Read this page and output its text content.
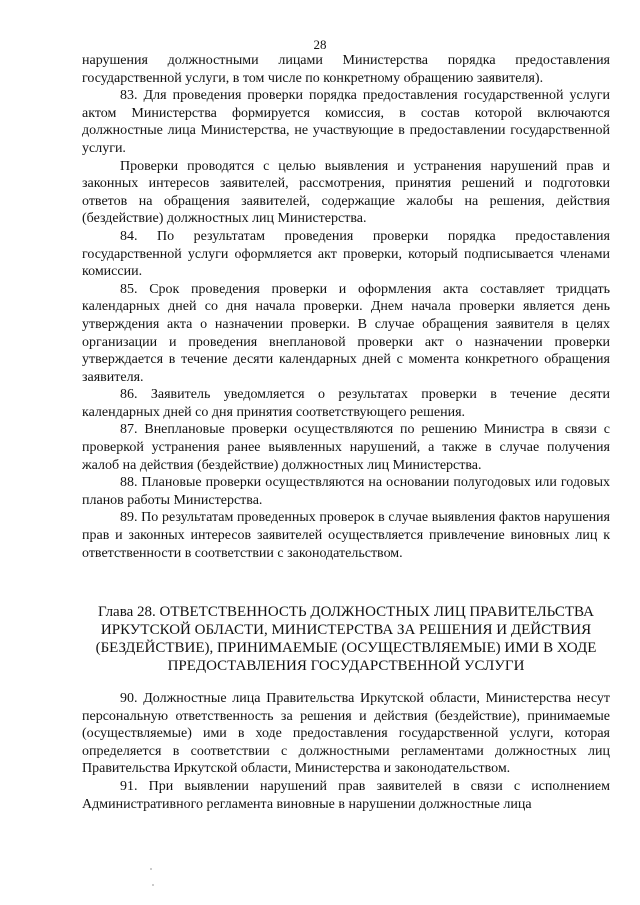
28

нарушения должностными лицами Министерства порядка предоставления государственной услуги, в том числе по конкретному обращению заявителя).

83. Для проведения проверки порядка предоставления государственной услуги актом Министерства формируется комиссия, в состав которой включаются должностные лица Министерства, не участвующие в предоставлении государственной услуги.

Проверки проводятся с целью выявления и устранения нарушений прав и законных интересов заявителей, рассмотрения, принятия решений и подготовки ответов на обращения заявителей, содержащие жалобы на решения, действия (бездействие) должностных лиц Министерства.

84. По результатам проведения проверки порядка предоставления государственной услуги оформляется акт проверки, который подписывается членами комиссии.

85. Срок проведения проверки и оформления акта составляет тридцать календарных дней со дня начала проверки. Днем начала проверки является день утверждения акта о назначении проверки. В случае обращения заявителя в целях организации и проведения внеплановой проверки акт о назначении проверки утверждается в течение десяти календарных дней с момента конкретного обращения заявителя.

86. Заявитель уведомляется о результатах проверки в течение десяти календарных дней со дня принятия соответствующего решения.

87. Внеплановые проверки осуществляются по решению Министра в связи с проверкой устранения ранее выявленных нарушений, а также в случае получения жалоб на действия (бездействие) должностных лиц Министерства.

88. Плановые проверки осуществляются на основании полугодовых или годовых планов работы Министерства.

89. По результатам проведенных проверок в случае выявления фактов нарушения прав и законных интересов заявителей осуществляется привлечение виновных лиц к ответственности в соответствии с законодательством.

Глава 28. ОТВЕТСТВЕННОСТЬ ДОЛЖНОСТНЫХ ЛИЦ ПРАВИТЕЛЬСТВА
ИРКУТСКОЙ ОБЛАСТИ, МИНИСТЕРСТВА ЗА РЕШЕНИЯ И ДЕЙСТВИЯ
(БЕЗДЕЙСТВИЕ), ПРИНИМАЕМЫЕ (ОСУЩЕСТВЛЯЕМЫЕ) ИМИ В ХОДЕ
ПРЕДОСТАВЛЕНИЯ ГОСУДАРСТВЕННОЙ УСЛУГИ

90. Должностные лица Правительства Иркутской области, Министерства несут персональную ответственность за решения и действия (бездействие), принимаемые (осуществляемые) ими в ходе предоставления государственной услуги, которая определяется в соответствии с должностными регламентами должностных лиц Правительства Иркутской области, Министерства и законодательством.

91. При выявлении нарушений прав заявителей в связи с исполнением Административного регламента виновные в нарушении должностные лица
